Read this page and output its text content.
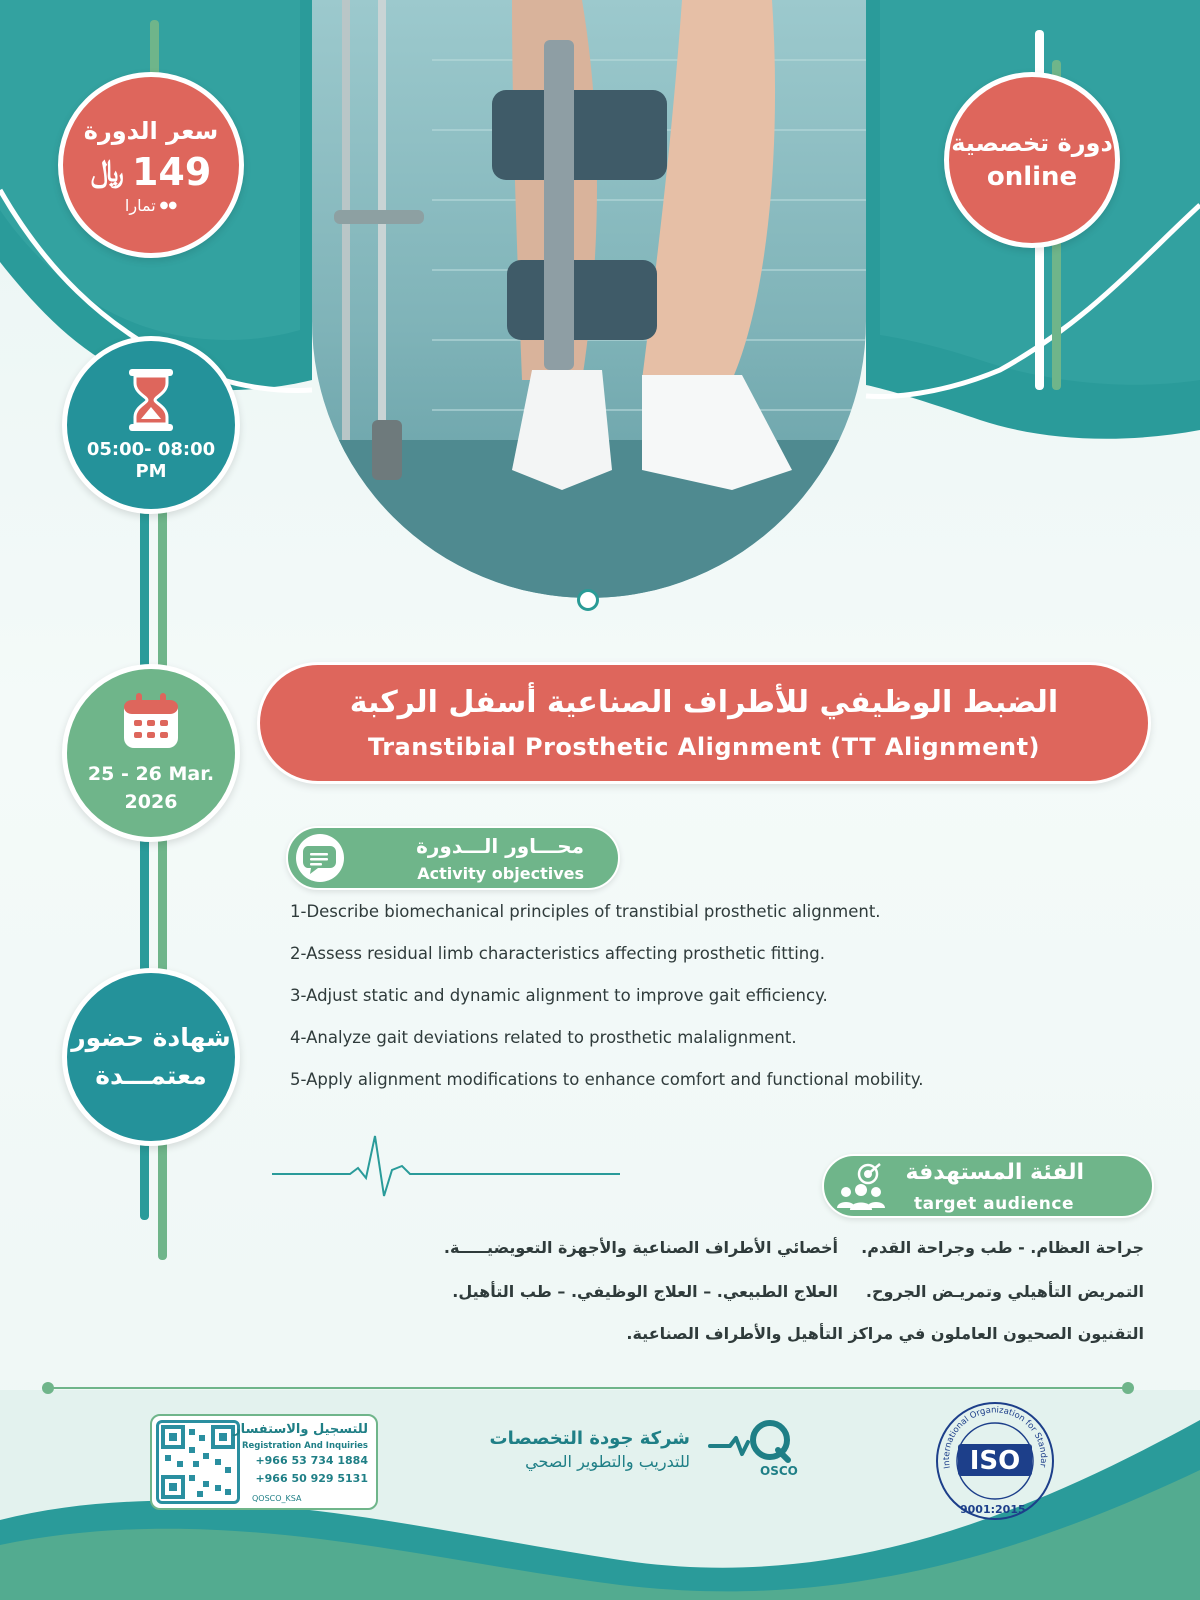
سعر الدورة
﷼ 149
تمارا ●●
دورة تخصصية
online
05:00- 08:00
PM
25 - 26 Mar.
2026
شهادة حضور
معتمـــدة
الضبط الوظيفي للأطراف الصناعية أسفل الركبة
Transtibial Prosthetic Alignment (TT Alignment)
محـــاور الـــدورة
Activity objectives
1-Describe biomechanical principles of transtibial prosthetic alignment.
2-Assess residual limb characteristics affecting prosthetic fitting.
3-Adjust static and dynamic alignment to improve gait efficiency.
4-Analyze gait deviations related to prosthetic malalignment.
5-Apply alignment modifications to enhance comfort and functional mobility.
الفئة المستهدفة
target audience
جراحة العظام. - طب وجراحة القدم.
أخصائي الأطراف الصناعية والأجهزة التعويضيـــــة.
التمريض التأهيلي وتمريـض الجروح.
العلاج الطبيعي. – العلاج الوظيفي. – طب التأهيل.
التقنيون الصحيون العاملون في مراكز التأهيل والأطراف الصناعية.
للتسجيل والاستفسار
Registration And Inquiries
+966 53 734 1884
+966 50 929 5131
QOSCO_KSA
شركة جودة التخصصات
للتدريب والتطوير الصحي	OSCO	International Organization for Standar
ISO
9001:2015
